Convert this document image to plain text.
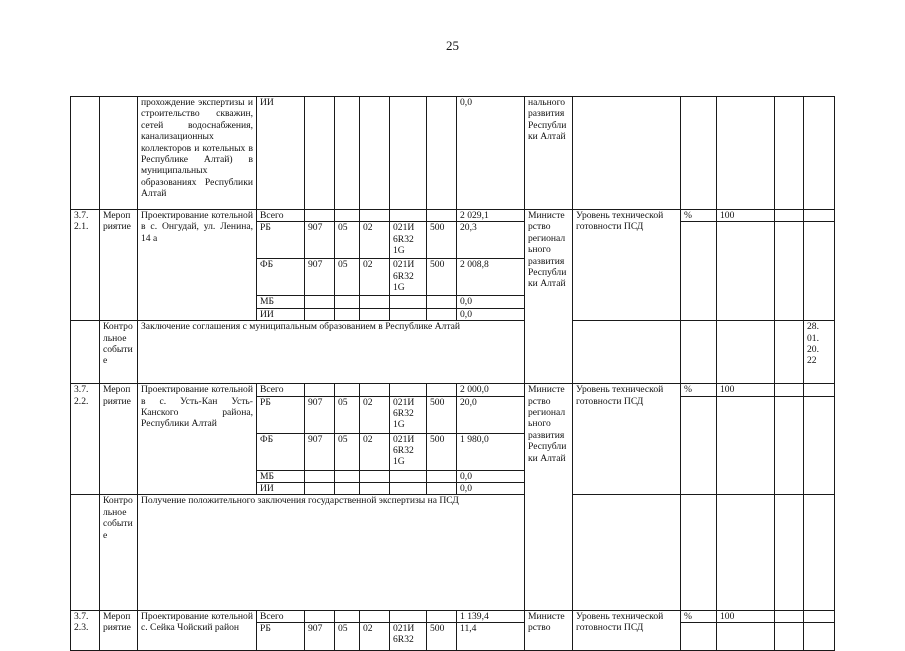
25

		прохождение экспертизы и строительство скважин, сетей водоснабжения, канализационных коллекторов и котельных в Республике Алтай) в муниципальных образованиях Республики Алтай	ИИ						0,0	нального развития Республики Алтай						

3.7.
2.1.	Мероприятие	Проектирование котельной в с. Онгудай, ул. Ленина, 14 а	Всего						2 029,1	Министерство регионального развития Республики Алтай	Уровень технической готовности ПСД	%	100			
			РБ	907	05	02	021И
6R32
1G	500	20,3							
			ФБ	907	05	02	021И
6R32
1G	500	2 008,8							
			МБ						0,0							
			ИИ						0,0							

	Контрольное событие	Заключение соглашения с муниципальным образованием в Республике Алтай													28.
01.
20.
22	

3.7.
2.2.	Мероприятие	Проектирование котельной в с. Усть-Кан Усть-Канского района, Республики Алтай	Всего						2 000,0	Министерство регионального развития Республики Алтай	Уровень технической готовности ПСД	%	100			
			РБ	907	05	02	021И
6R32
1G	500	20,0							
			ФБ	907	05	02	021И
6R32
1G	500	1 980,0							
			МБ						0,0							
			ИИ						0,0							

	Контрольное событие	Получение положительного заключения государственной экспертизы на ПСД						

3.7.
2.3.	Мероприятие	Проектирование котельной с. Сейка Чойский район	Всего						1 139,4	Министерство	Уровень технической готовности ПСД	%	100			
			РБ	907	05	02	021И
6R32	500	11,4							
